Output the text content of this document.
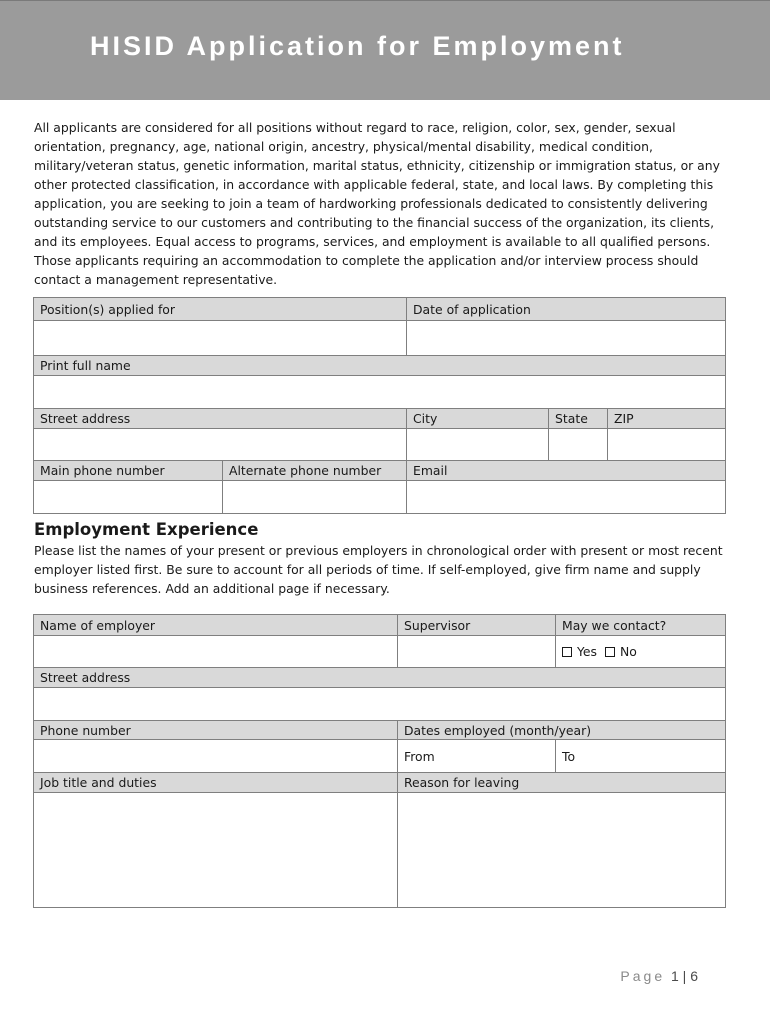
HISID Application for Employment

All applicants are considered for all positions without regard to race, religion, color, sex, gender, sexual orientation, pregnancy, age, national origin, ancestry, physical/mental disability, medical condition, military/veteran status, genetic information, marital status, ethnicity, citizenship or immigration status, or any other protected classification, in accordance with applicable federal, state, and local laws. By completing this application, you are seeking to join a team of hardworking professionals dedicated to consistently delivering outstanding service to our customers and contributing to the financial success of the organization, its clients, and its employees. Equal access to programs, services, and employment is available to all qualified persons. Those applicants requiring an accommodation to complete the application and/or interview process should contact a management representative.

Position(s) applied for		Date of application		

Print full name				

Street address		City	State	ZIP

Main phone number	Alternate phone number	Email		

Employment Experience

Please list the names of your present or previous employers in chronological order with present or most recent employer listed first. Be sure to account for all periods of time. If self-employed, give firm name and supply business references. Add an additional page if necessary.

Name of employer	Supervisor	May we contact?
		Yes No
Street address		

Phone number	Dates employed (month/year)	
	From	To
Job title and duties	Reason for leaving	

Page 1 | 6
